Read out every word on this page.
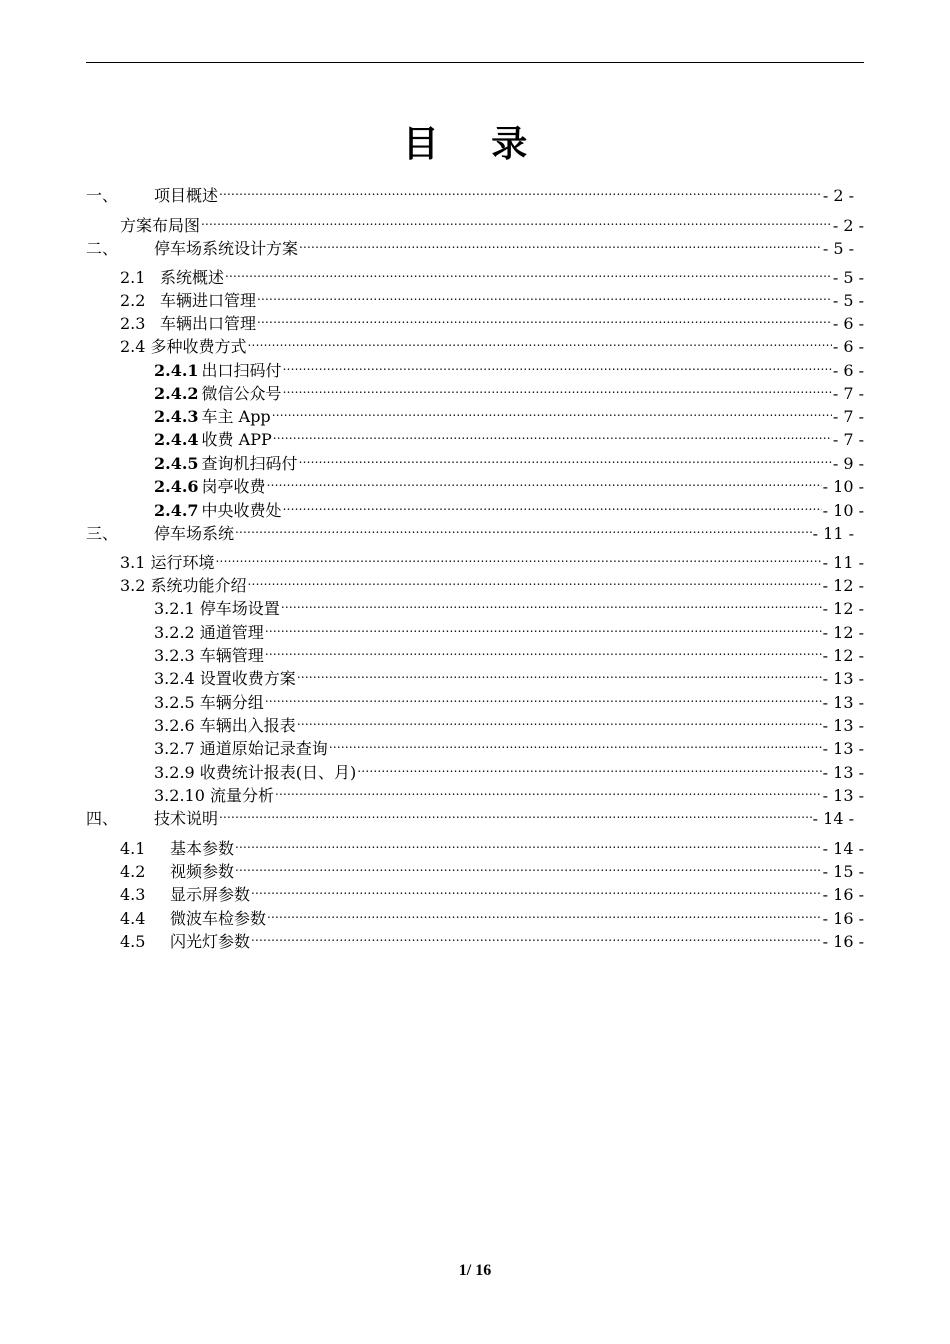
目 录
一、	项目概述 .....	- 2 -
方案布局图 .....	- 2 -
二、	停车场系统设计方案 .....	- 5 -
2.1 系统概述 .....	- 5 -
2.2 车辆进口管理 .....	- 5 -
2.3 车辆出口管理 .....	- 6 -
2.4 多种收费方式 .....	- 6 -
2.4.1 出口扫码付 .....	- 6 -
2.4.2 微信公众号 .....	- 7 -
2.4.3 车主 App .....	- 7 -
2.4.4 收费 APP .....	- 7 -
2.4.5 查询机扫码付 .....	- 9 -
2.4.6 岗亭收费 .....	- 10 -
2.4.7 中央收费处 .....	- 10 -
三、	停车场系统 .....	- 11 -
3.1 运行环境 .....	- 11 -
3.2 系统功能介绍 .....	- 12 -
3.2.1 停车场设置 .....	- 12 -
3.2.2 通道管理 .....	- 12 -
3.2.3 车辆管理 .....	- 12 -
3.2.4 设置收费方案 .....	- 13 -
3.2.5 车辆分组 .....	- 13 -
3.2.6 车辆出入报表 .....	- 13 -
3.2.7 通道原始记录查询 .....	- 13 -
3.2.9 收费统计报表(日、月) .....	- 13 -
3.2.10 流量分析 .....	- 13 -
四、	技术说明 .....	- 14 -
4.1	基本参数 .....	- 14 -
4.2	视频参数 .....	- 15 -
4.3	显示屏参数 .....	- 16 -
4.4	微波车检参数 .....	- 16 -
4.5	闪光灯参数 .....	- 16 -
1/ 16
